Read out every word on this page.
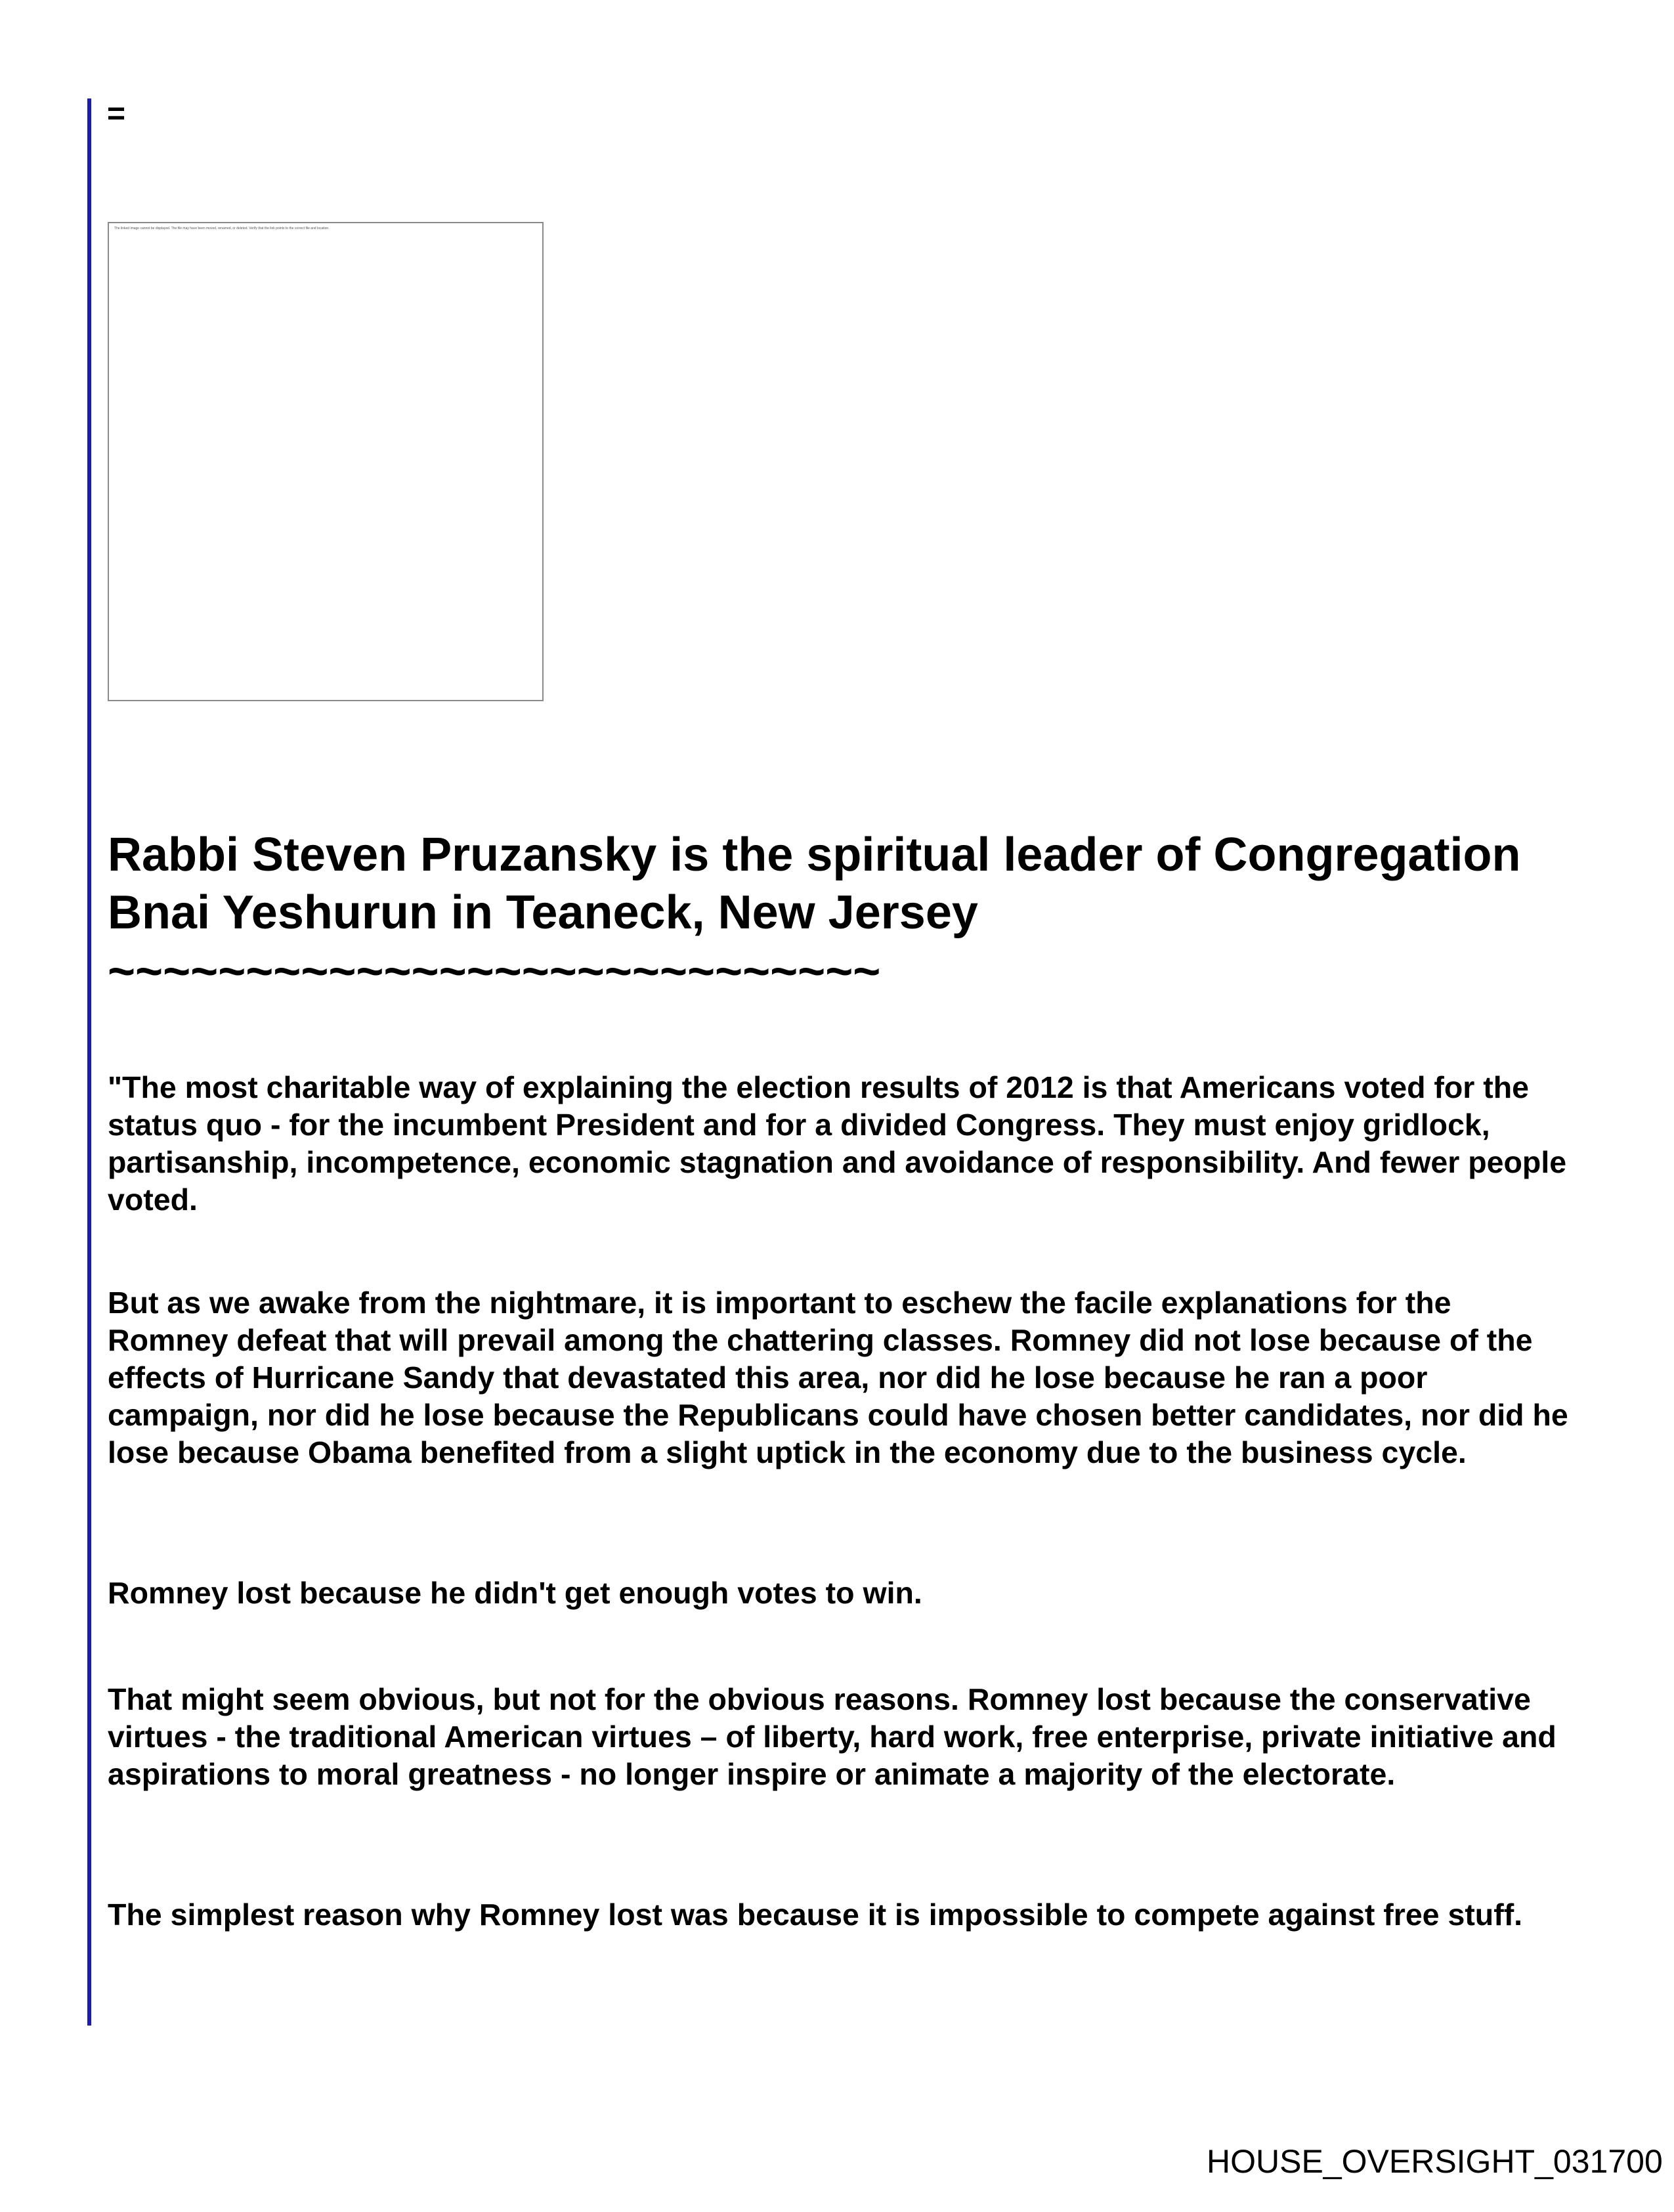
=
The linked image cannot be displayed. The file may have been moved, renamed, or deleted. Verify that the link points to the correct file and location.
Rabbi Steven Pruzansky is the spiritual leader of Congregation Bnai Yeshurun in Teaneck, New Jersey
~~~~~~~~~~~~~~~~~~~~~~~~~~~~

"The most charitable way of explaining the election results of 2012 is that Americans voted for the status quo - for the incumbent President and for a divided Congress. They must enjoy gridlock, partisanship, incompetence, economic stagnation and avoidance of responsibility. And fewer people voted.

But as we awake from the nightmare, it is important to eschew the facile explanations for the Romney defeat that will prevail among the chattering classes. Romney did not lose because of the effects of Hurricane Sandy that devastated this area, nor did he lose because he ran a poor campaign, nor did he lose because the Republicans could have chosen better candidates, nor did he lose because Obama benefited from a slight uptick in the economy due to the business cycle.

Romney lost because he didn't get enough votes to win.

That might seem obvious, but not for the obvious reasons. Romney lost because the conservative virtues - the traditional American virtues – of liberty, hard work, free enterprise, private initiative and aspirations to moral greatness - no longer inspire or animate a majority of the electorate.

The simplest reason why Romney lost was because it is impossible to compete against free stuff.

HOUSE_OVERSIGHT_031700
